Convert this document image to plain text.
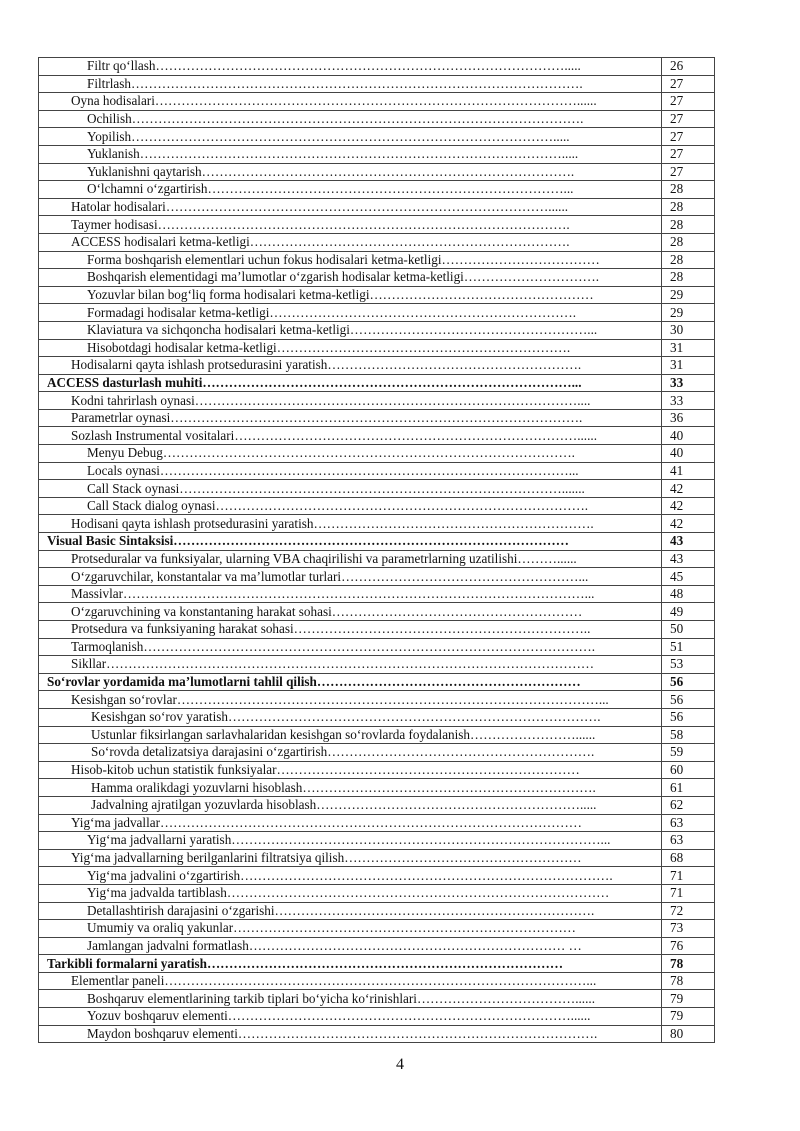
Filtr qo‘llash………………………………………………………………………………….....	26
Filtrlash………………………………………………………………………………………….	27
Oyna hodisalari……………………………………………………………………………………......	27
Ochilish………………………………………………………………………………………….	27
Yopilish…………………………………………………………………………………….....	27
Yuklanish…………………………………………………………………………………….....	27
Yuklanishni qaytarish………………………………………………………………………….	27
O‘lchamni o‘zgartirish………………………………………………………………………...	28
Hatolar hodisalari……………………………………………………………………………......	28
Taymer hodisasi………………………………………………………………………………….	28
ACCESS hodisalari ketma-ketligi……………………………………………………………….	28
Forma boshqarish elementlari uchun fokus hodisalari ketma-ketligi………………………………	28
Boshqarish elementidagi ma’lumotlar o‘zgarish hodisalar ketma-ketligi………………………….	28
Yozuvlar bilan bog‘liq forma hodisalari ketma-ketligi……………………………………………	29
Formadagi hodisalar ketma-ketligi…………………………………………………………….	29
Klaviatura va sichqoncha hodisalari ketma-ketligi………………………………………………...	30
Hisobotdagi hodisalar ketma-ketligi………………………………………………………….	31
Hodisalarni qayta ishlash protsedurasini yaratish………………………………………………….	31
ACCESS dasturlash muhiti…………………………………………………………………………...	33
Kodni tahrirlash oynasi……………………………………………………………………………....	33
Parametrlar oynasi………………………………………………………………………………….	36
Sozlash Instrumental vositalari……………………………………………………………………......	40
Menyu Debug………………………………………………………………………………….	40
Locals oynasi…………………………………………………………………………………...	41
Call Stack oynasi…………………………………………………………………………….......	42
Call Stack dialog oynasi………………………………………………………………………….	42
Hodisani qayta ishlash protsedurasini yaratish……………………………………………………….	42
Visual Basic Sintaksisi………………………………………………………………………………	43
Protseduralar va funksiyalar, ularning VBA chaqirilishi va parametrlarning uzatilishi………......	43
O‘zgaruvchilar, konstantalar va ma’lumotlar turlari………………………………………………...	45
Massivlar……………………………………………………………………………………………...	48
O‘zgaruvchining va konstantaning harakat sohasi…………………………………………………	49
Protsedura va funksiyaning harakat sohasi…………………………………………………………..	50
Tarmoqlanish………………………………………………………………………………………….	51
Sikllar…………………………………………………………………………………………………	53
So‘rovlar yordamida ma’lumotlarni tahlil qilish……………………………………………………	56
Kesishgan so‘rovlar……………………………………………………………………………………...	56
Kesishgan so‘rov yaratish………………………………………………………………………….	56
Ustunlar fiksirlangan sarlavhalaridan kesishgan so‘rovlarda foydalanish……………………......	58
So‘rovda detalizatsiya darajasini o‘zgartirish…………………………………………………….	59
Hisob-kitob uchun statistik funksiyalar……………………………………………………………	60
Hamma oralikdagi yozuvlarni hisoblash………………………………………………………….	61
Jadvalning ajratilgan yozuvlarda hisoblash…………………………………………………….....	62
Yig‘ma jadvallar……………………………………………………………………………………	63
Yig‘ma jadvallarni yaratish…………………………………………………………………………...	63
Yig‘ma jadvallarning berilganlarini filtratsiya qilish………………………………………………	68
Yig‘ma jadvalini o‘zgartirish………………………………………………………………………….	71
Yig‘ma jadvalda tartiblash……………………………………………………………………………	71
Detallashtirish darajasini o‘zgarishi……………………………………………………………….	72
Umumiy va oraliq yakunlar……………………………………………………………………	73
Jamlangan jadvalni formatlash……………………………………………………………… …	76
Tarkibli formalarni yaratish………………………………………………………………………	78
Elementlar paneli……………………………………………………………………………………...	78
Boshqaruv elementlarining tarkib tiplari bo‘yicha ko‘rinishlari………………………………......	79
Yozuv boshqaruv elementi……………………………………………………………………......	79
Maydon boshqaruv elementi……………………………………………………………………….	80
4
